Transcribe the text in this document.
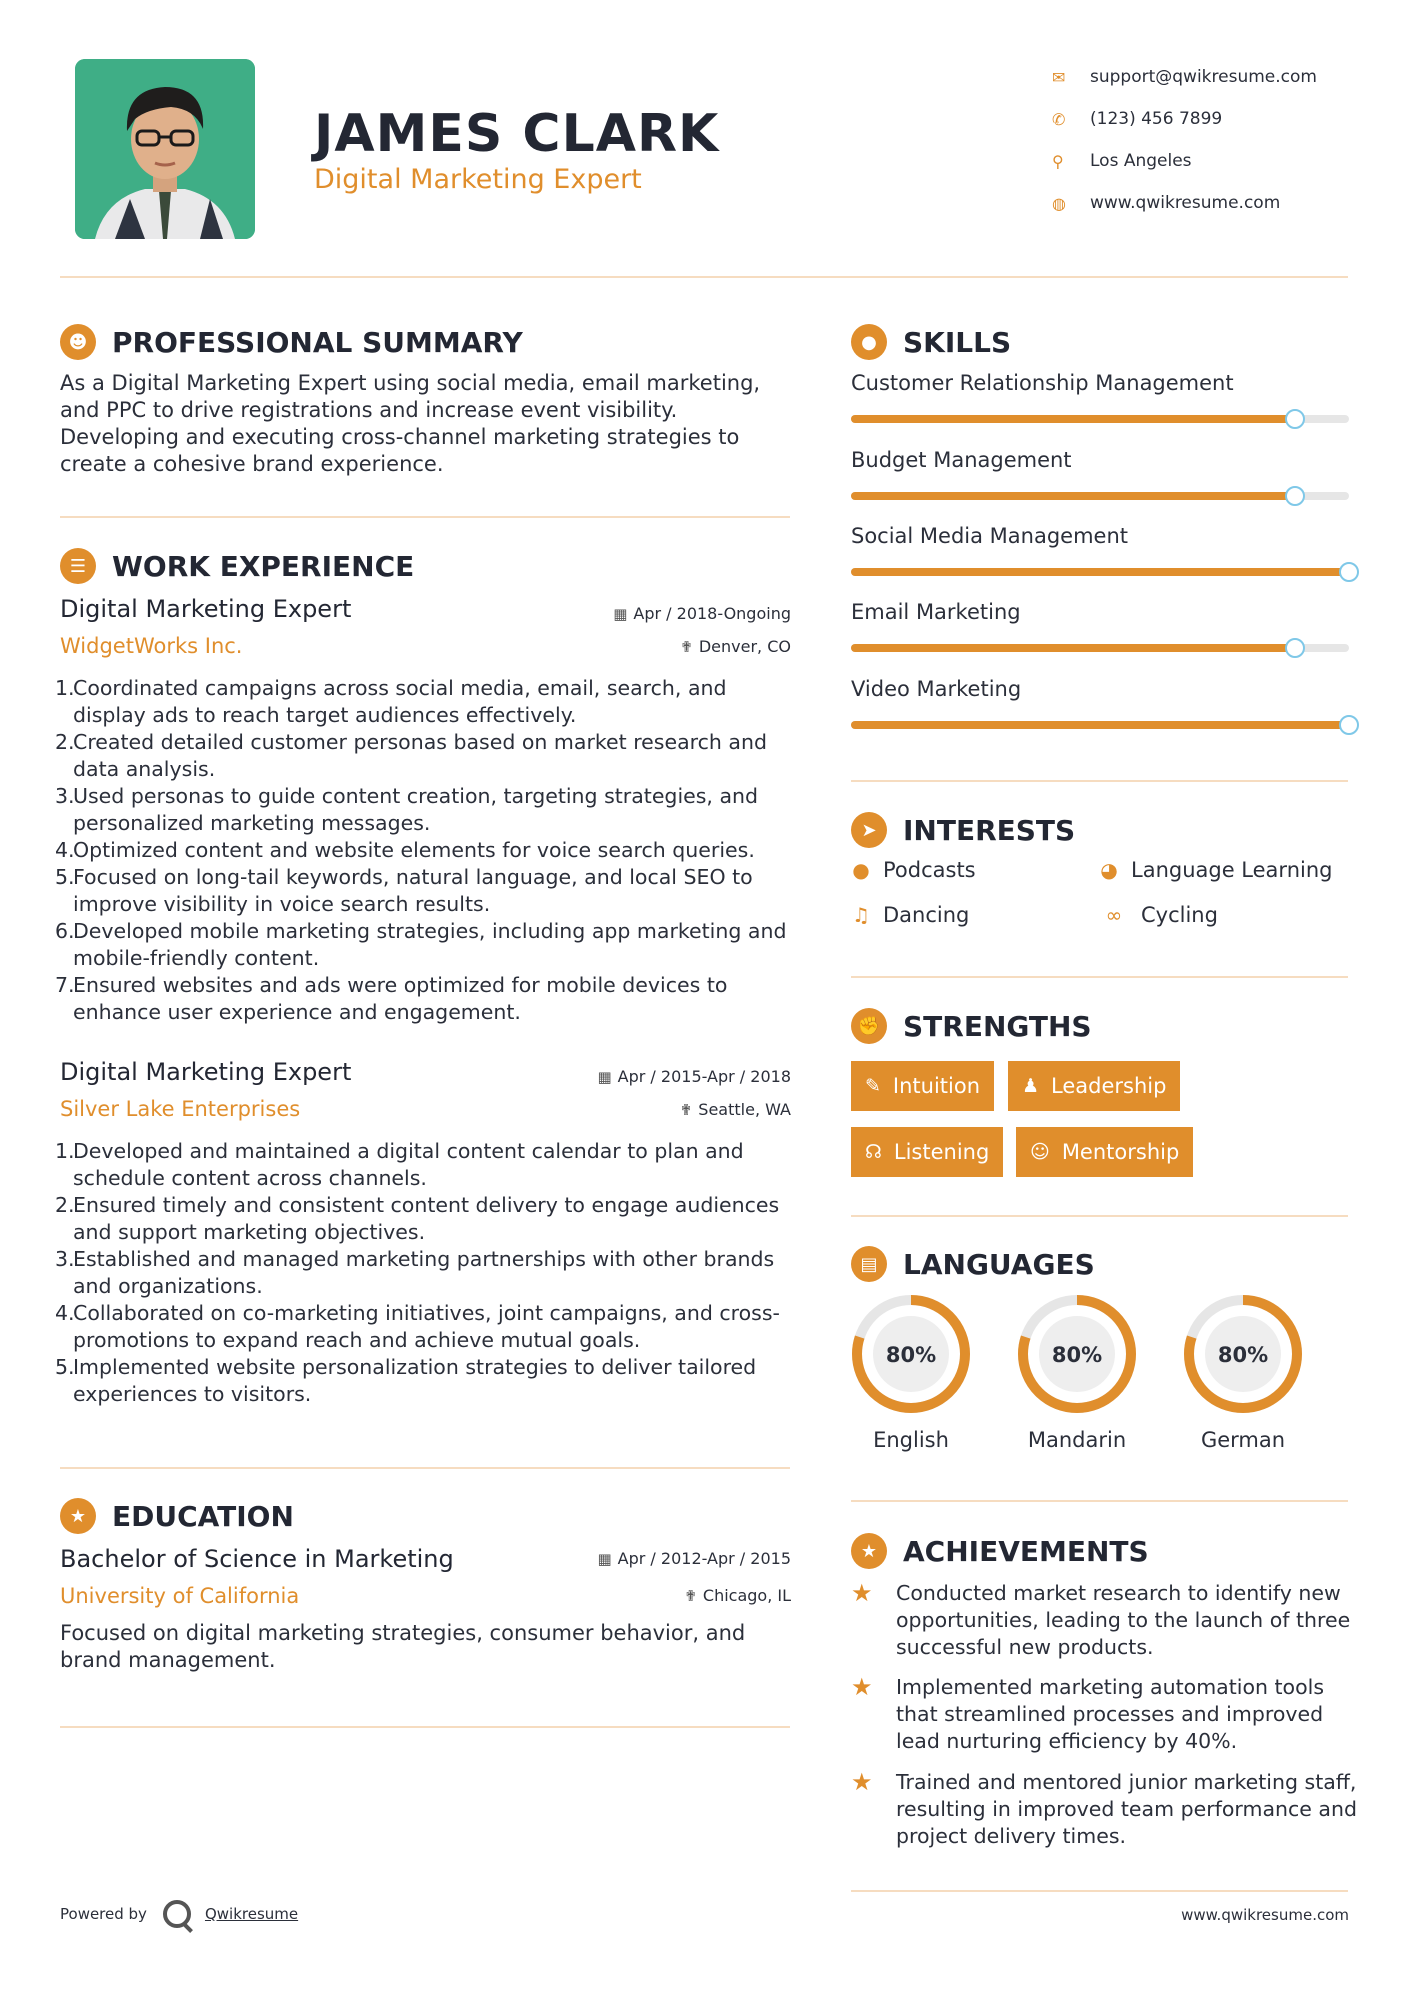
JAMES CLARK
Digital Marketing Expert
✉	support@qwikresume.com
✆	(123) 456 7899
⚲	Los Angeles
◍	www.qwikresume.com
☻ PROFESSIONAL SUMMARY
As a Digital Marketing Expert using social media, email marketing, and PPC to drive registrations and increase event visibility. Developing and executing cross-channel marketing strategies to create a cohesive brand experience.
☰ WORK EXPERIENCE
Digital Marketing Expert
WidgetWorks Inc.
▦ Apr / 2018-Ongoing
✟ Denver, CO
1.
Coordinated campaigns across social media, email, search, and display ads to reach target audiences effectively.
2.
Created detailed customer personas based on market research and data analysis.
3.
Used personas to guide content creation, targeting strategies, and personalized marketing messages.
4.
Optimized content and website elements for voice search queries.
5.
Focused on long-tail keywords, natural language, and local SEO to improve visibility in voice search results.
6.
Developed mobile marketing strategies, including app marketing and mobile-friendly content.
7.
Ensured websites and ads were optimized for mobile devices to enhance user experience and engagement.
Digital Marketing Expert
Silver Lake Enterprises
▦ Apr / 2015-Apr / 2018
✟ Seattle, WA
1.
Developed and maintained a digital content calendar to plan and schedule content across channels.
2.
Ensured timely and consistent content delivery to engage audiences and support marketing objectives.
3.
Established and managed marketing partnerships with other brands and organizations.
4.
Collaborated on co-marketing initiatives, joint campaigns, and cross-promotions to expand reach and achieve mutual goals.
5.
Implemented website personalization strategies to deliver tailored experiences to visitors.
★ EDUCATION
Bachelor of Science in Marketing
University of California
▦ Apr / 2012-Apr / 2015
✟ Chicago, IL
Focused on digital marketing strategies, consumer behavior, and brand management.
● SKILLS
Customer Relationship Management
Budget Management
Social Media Management
Email Marketing
Video Marketing
➤ INTERESTS
● Podcasts	◕ Language Learning
♫ Dancing	∞ Cycling
✊ STRENGTHS
✎ Intuition ♟ Leadership
☊ Listening ☺ Mentorship
▤ LANGUAGES
80%
English
80%
Mandarin
80%
German
★ ACHIEVEMENTS
★	Conducted market research to identify new opportunities, leading to the launch of three successful new products.
★	Implemented marketing automation tools that streamlined processes and improved lead nurturing efficiency by 40%.
★	Trained and mentored junior marketing staff, resulting in improved team performance and project delivery times.
Powered by	Qwikresume	www.qwikresume.com
